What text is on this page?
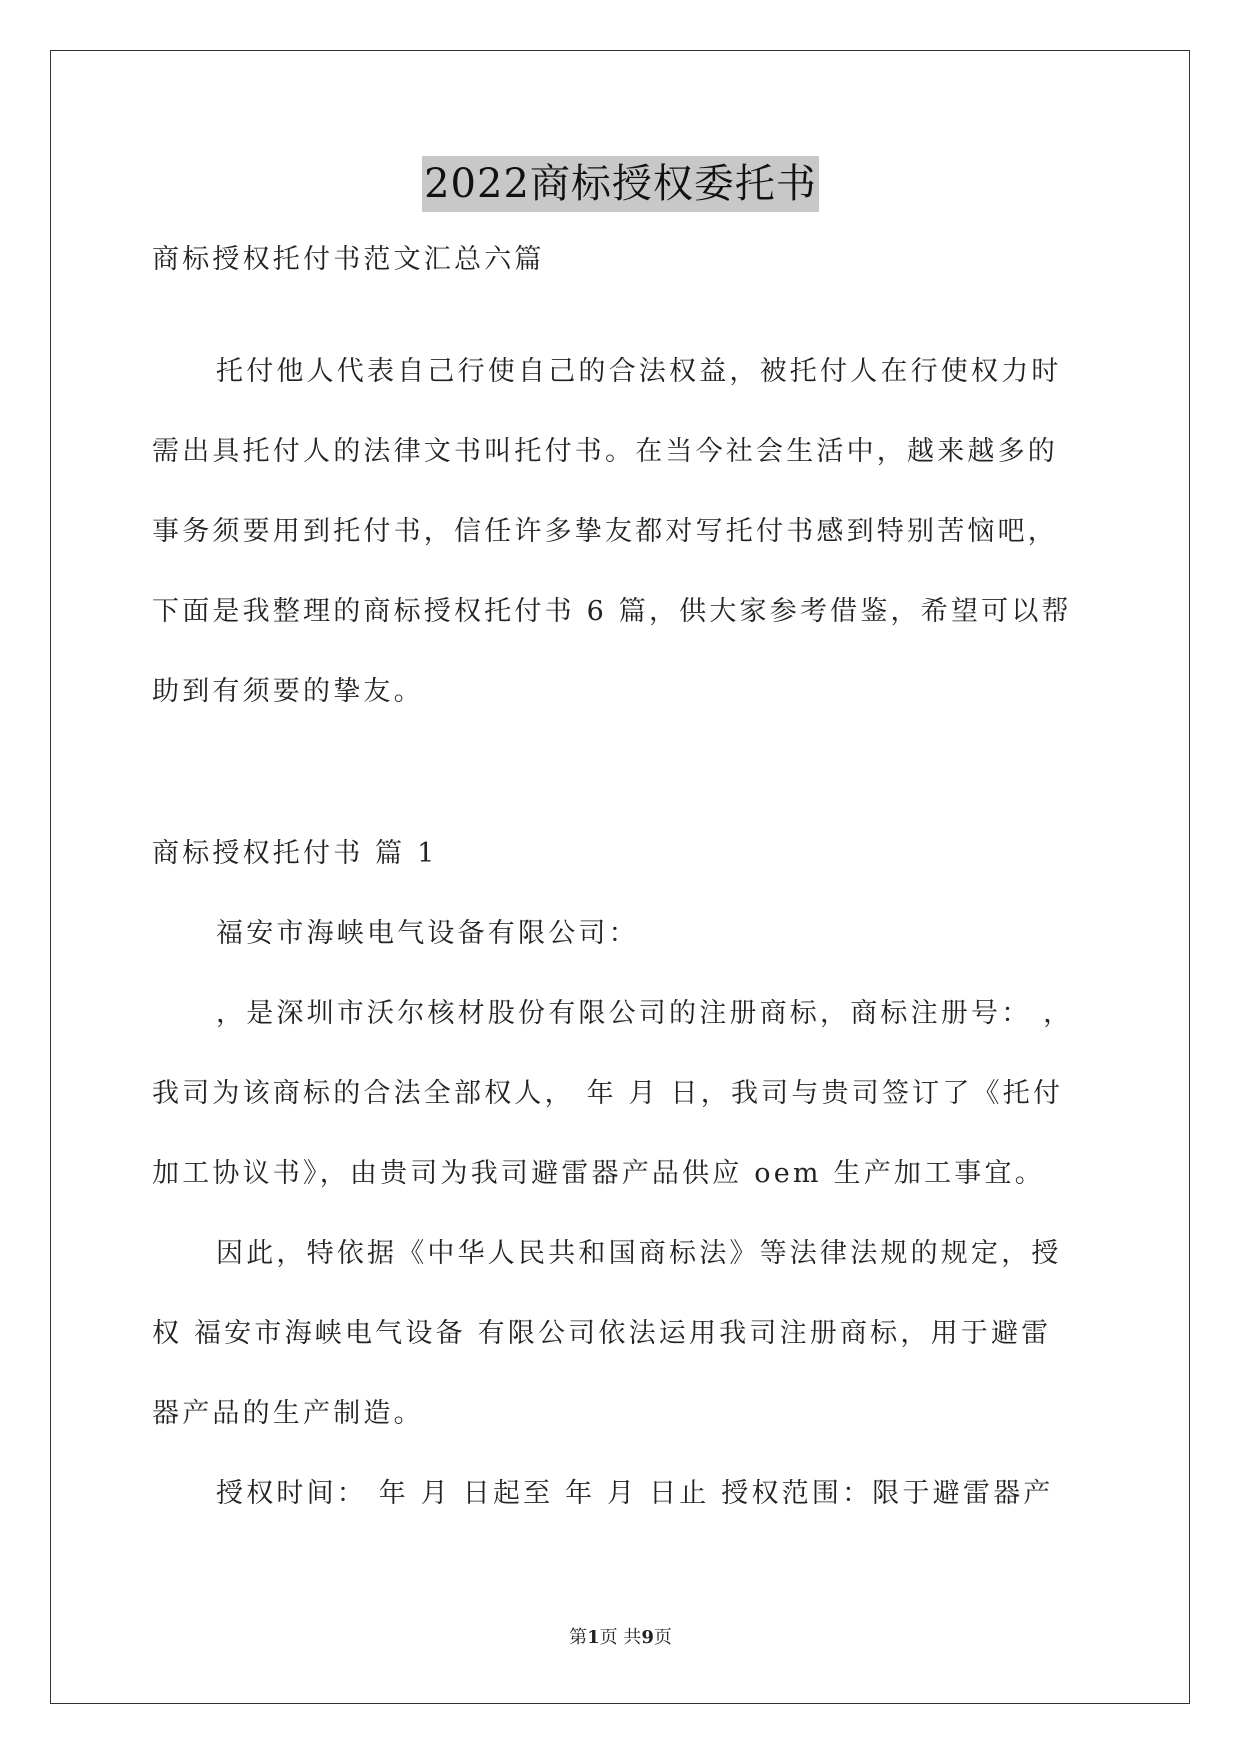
2022商标授权委托书
商标授权托付书范文汇总六篇
托付他人代表自己行使自己的合法权益，被托付人在行使权力时
需出具托付人的法律文书叫托付书。在当今社会生活中，越来越多的
事务须要用到托付书，信任许多挚友都对写托付书感到特别苦恼吧，
下面是我整理的商标授权托付书 6 篇，供大家参考借鉴，希望可以帮
助到有须要的挚友。
商标授权托付书 篇 1
福安市海峡电气设备有限公司：
，是深圳市沃尔核材股份有限公司的注册商标，商标注册号： ，
我司为该商标的合法全部权人， 年 月 日，我司与贵司签订了《托付
加工协议书》，由贵司为我司避雷器产品供应 oem 生产加工事宜。
因此，特依据《中华人民共和国商标法》等法律法规的规定，授
权 福安市海峡电气设备 有限公司依法运用我司注册商标，用于避雷
器产品的生产制造。
授权时间： 年 月 日起至 年 月 日止 授权范围：限于避雷器产
第1页 共9页
